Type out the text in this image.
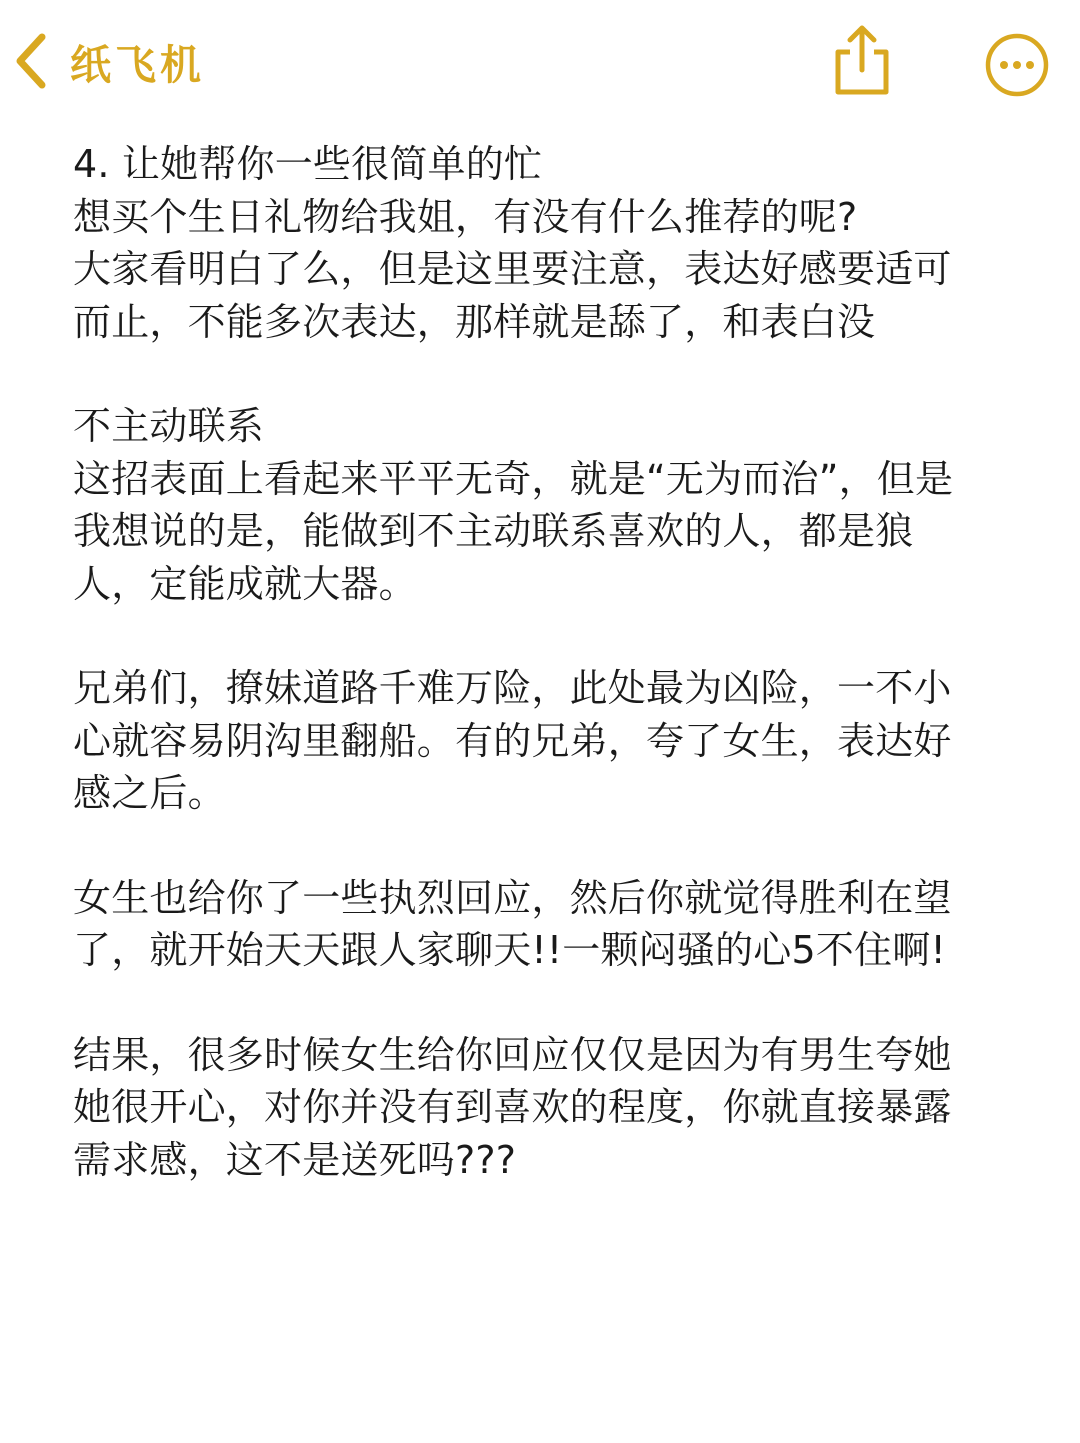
纸飞机
4. 让她帮你一些很简单的忙
想买个生日礼物给我姐，有没有什么推荐的呢?
大家看明白了么，但是这里要注意，表达好感要适可
而止，不能多次表达，那样就是舔了，和表白没
不主动联系
这招表面上看起来平平无奇，就是“无为而治”，但是
我想说的是，能做到不主动联系喜欢的人，都是狼
人，定能成就大器。
兄弟们，撩妹道路千难万险，此处最为凶险，一不小
心就容易阴沟里翻船。有的兄弟，夸了女生，表达好
感之后。
女生也给你了一些执烈回应，然后你就觉得胜利在望
了，就开始天天跟人家聊天!!一颗闷骚的心5不住啊!
结果，很多时候女生给你回应仅仅是因为有男生夸她
她很开心，对你并没有到喜欢的程度，你就直接暴露
需求感，这不是送死吗???
